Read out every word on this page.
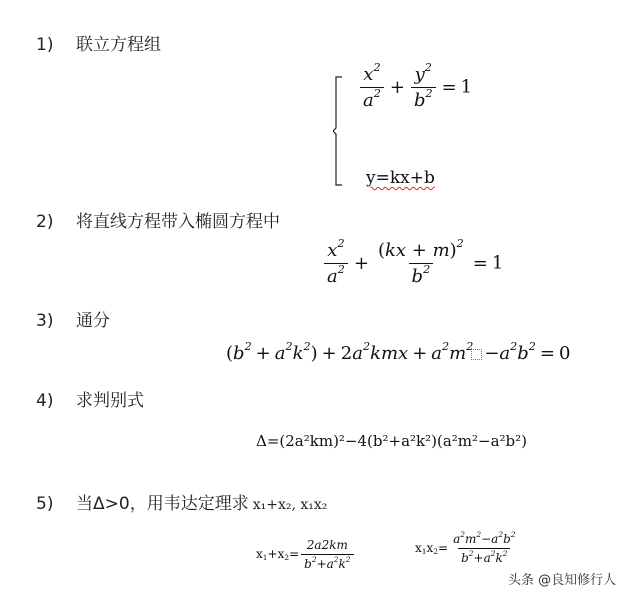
1) 联立方程组
$\frac{x^2}{a^2} + \frac{y^2}{b^2} = 1$
y=kx+b
2) 将直线方程带入椭圆方程中
$\frac{x^2}{a^2} + \frac{(kx + m)^2}{b^2} = 1$
3) 通分
$(b^2 + a^2k^2) + 2a^2kmx + a^2m^2 -a^2b^2 = 0$
4) 求判别式
Δ=(2a²km)²−4(b²+a²k²)(a²m²−a²b²)
5) 当Δ>0，用韦达定理求 x₁+x₂, x₁x₂
$x_1+x_2= \frac{2a2km}{b^2+a^2k^2}$	$x_1x_2= \frac{a^2m^2-a^2b^2}{b^2+a^2k^2}$
头条 @良知修行人
